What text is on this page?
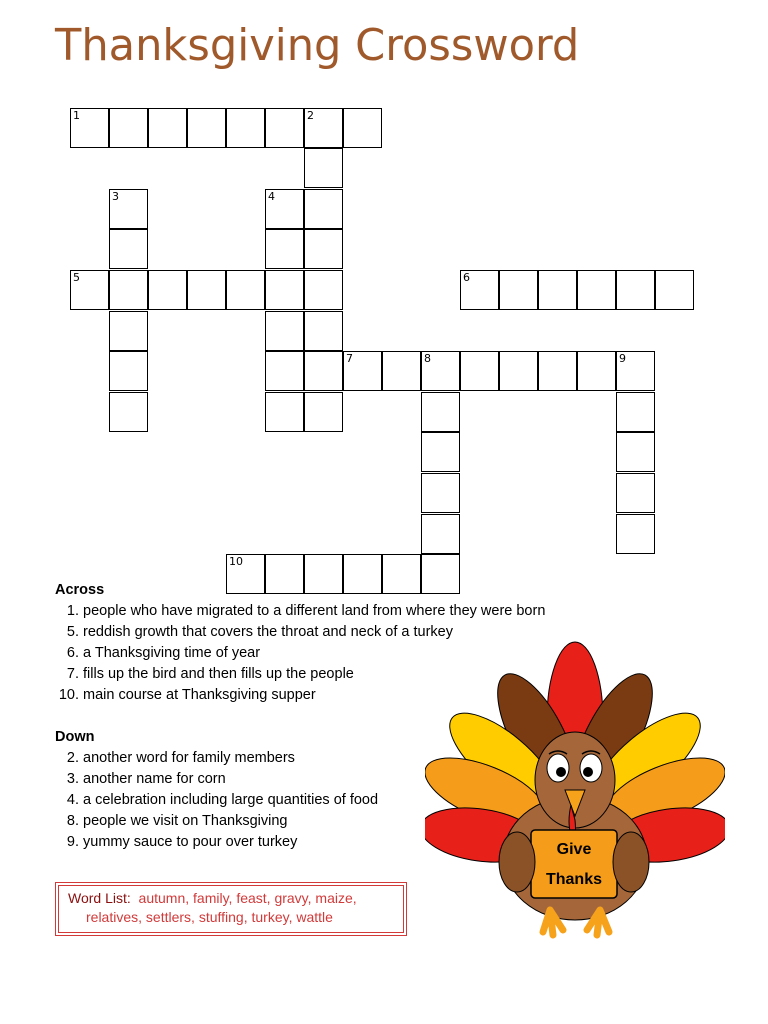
Thanksgiving Crossword
1	2
5
3	4
6
7	8	9
10
Across
1. people who have migrated to a different land from where they were born
5. reddish growth that covers the throat and neck of a turkey
6. a Thanksgiving time of year
7. fills up the bird and then fills up the people
10. main course at Thanksgiving supper
Down
2. another word for family members
3. another name for corn
4. a celebration including large quantities of food
8. people we visit on Thanksgiving
9. yummy sauce to pour over turkey
Word List: autumn, family, feast, gravy, maize,
relatives, settlers, stuffing, turkey, wattle
Give
Thanks
